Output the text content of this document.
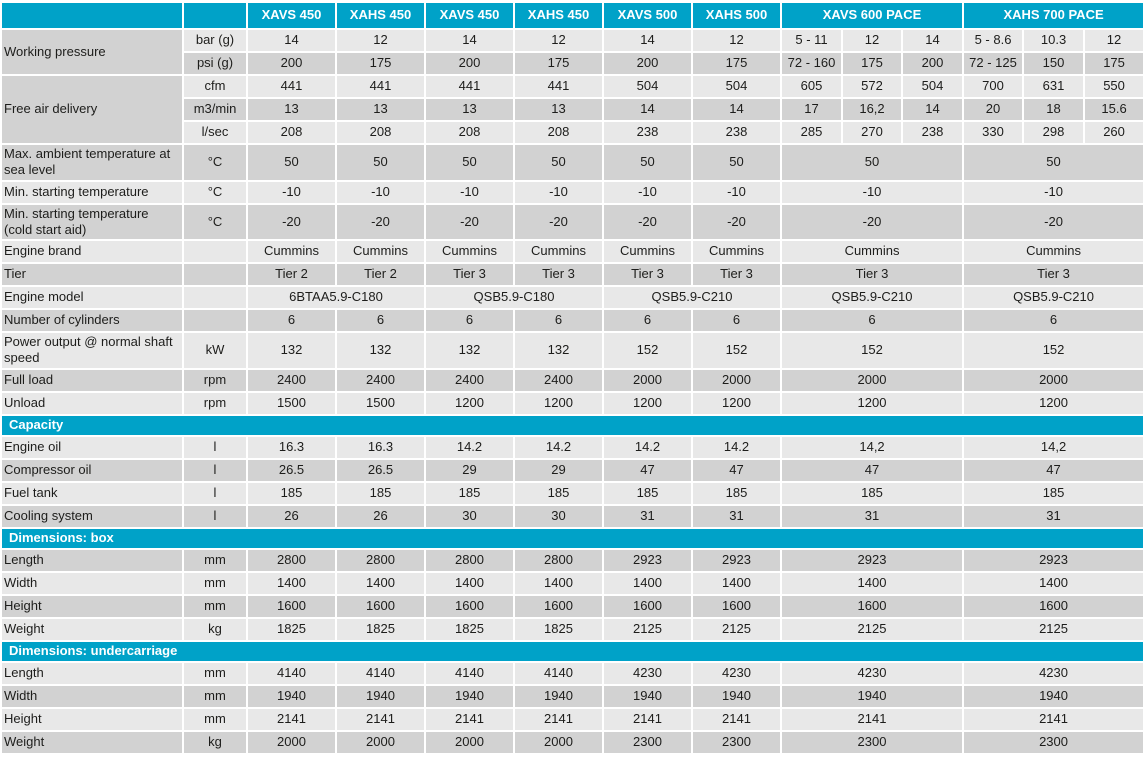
		XAVS 450	XAHS 450	XAVS 450	XAHS 450	XAVS 500	XAHS 500	XAVS 600 PACE			XAHS 700 PACE		
Working pressure	bar (g)	14	12	14	12	14	12	5 - 11	12	14	5 - 8.6	10.3	12
	psi (g)	200	175	200	175	200	175	72 - 160	175	200	72 - 125	150	175
Free air delivery	cfm	441	441	441	441	504	504	605	572	504	700	631	550
	m3/min	13	13	13	13	14	14	17	16,2	14	20	18	15.6
	l/sec	208	208	208	208	238	238	285	270	238	330	298	260
Max. ambient temperature at sea level	°C	50	50	50	50	50	50	50			50		
Min. starting temperature	°C	-10	-10	-10	-10	-10	-10	-10			-10		
Min. starting temperature (cold start aid)	°C	-20	-20	-20	-20	-20	-20	-20			-20		
Engine brand		Cummins	Cummins	Cummins	Cummins	Cummins	Cummins	Cummins			Cummins		
Tier		Tier 2	Tier 2	Tier 3	Tier 3	Tier 3	Tier 3	Tier 3			Tier 3		
Engine model		6BTAA5.9-C180		QSB5.9-C180		QSB5.9-C210		QSB5.9-C210			QSB5.9-C210		
Number of cylinders		6	6	6	6	6	6	6			6		
Power output @ normal shaft speed	kW	132	132	132	132	152	152	152			152		
Full load	rpm	2400	2400	2400	2400	2000	2000	2000			2000		
Unload	rpm	1500	1500	1200	1200	1200	1200	1200			1200		
Capacity													
Engine oil	l	16.3	16.3	14.2	14.2	14.2	14.2	14,2			14,2		
Compressor oil	l	26.5	26.5	29	29	47	47	47			47		
Fuel tank	l	185	185	185	185	185	185	185			185		
Cooling system	l	26	26	30	30	31	31	31			31		
Dimensions: box													
Length	mm	2800	2800	2800	2800	2923	2923	2923			2923		
Width	mm	1400	1400	1400	1400	1400	1400	1400			1400		
Height	mm	1600	1600	1600	1600	1600	1600	1600			1600		
Weight	kg	1825	1825	1825	1825	2125	2125	2125			2125		
Dimensions: undercarriage													
Length	mm	4140	4140	4140	4140	4230	4230	4230			4230		
Width	mm	1940	1940	1940	1940	1940	1940	1940			1940		
Height	mm	2141	2141	2141	2141	2141	2141	2141			2141		
Weight	kg	2000	2000	2000	2000	2300	2300	2300			2300		
